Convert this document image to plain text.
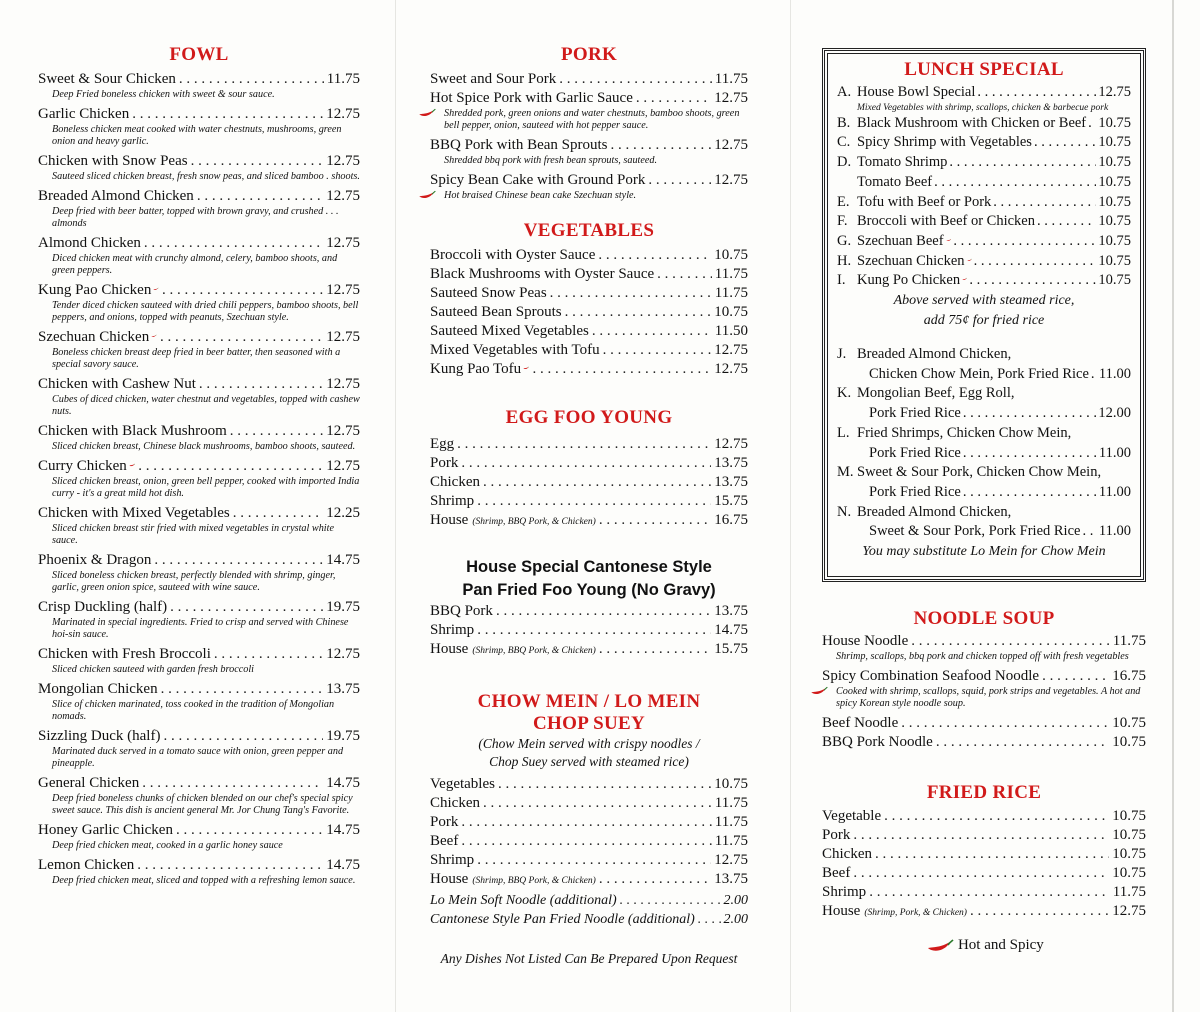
FOWL
Sweet & Sour Chicken . . .	11.75
Deep Fried boneless chicken with sweet & sour sauce.
Garlic Chicken . . .	12.75
Boneless chicken meat cooked with water chestnuts, mushrooms, green onion and heavy garlic.
Chicken with Snow Peas . . .	12.75
Sauteed sliced chicken breast, fresh snow peas, and sliced bamboo . shoots.
Breaded Almond Chicken . . .	12.75
Deep fried with beer batter, topped with brown gravy, and crushed . . . almonds
Almond Chicken . . .	12.75
Diced chicken meat with crunchy almond, celery, bamboo shoots, and green peppers.
Kung Pao Chicken . . .	12.75
Tender diced chicken sauteed with dried chili peppers, bamboo shoots, bell peppers, and onions, topped with peanuts, Szechuan style.
Szechuan Chicken . . .	12.75
Boneless chicken breast deep fried in beer batter, then seasoned with a special savory sauce.
Chicken with Cashew Nut . . .	12.75
Cubes of diced chicken, water chestnut and vegetables, topped with cashew nuts.
Chicken with Black Mushroom . . .	12.75
Sliced chicken breast, Chinese black mushrooms, bamboo shoots, sauteed.
Curry Chicken . . .	12.75
Sliced chicken breast, onion, green bell pepper, cooked with imported India curry - it's a great mild hot dish.
Chicken with Mixed Vegetables . . .	12.25
Sliced chicken breast stir fried with mixed vegetables in crystal white sauce.
Phoenix & Dragon . . .	14.75
Sliced boneless chicken breast, perfectly blended with shrimp, ginger, garlic, green onion spice, sauteed with wine sauce.
Crisp Duckling (half) . . .	19.75
Marinated in special ingredients. Fried to crisp and served with Chinese hoi-sin sauce.
Chicken with Fresh Broccoli . . .	12.75
Sliced chicken sauteed with garden fresh broccoli
Mongolian Chicken . . .	13.75
Slice of chicken marinated, toss cooked in the tradition of Mongolian nomads.
Sizzling Duck (half) . . .	19.75
Marinated duck served in a tomato sauce with onion, green pepper and pineapple.
General Chicken . . .	14.75
Deep fried boneless chunks of chicken blended on our chef's special spicy sweet sauce. This dish is ancient general Mr. Jor Chung Tang's Favorite.
Honey Garlic Chicken . . .	14.75
Deep fried chicken meat, cooked in a garlic honey sauce
Lemon Chicken . . .	14.75
Deep fried chicken meat, sliced and topped with a refreshing lemon sauce.
PORK
Sweet and Sour Pork . . .	11.75
Hot Spice Pork with Garlic Sauce . . .	12.75
Shredded pork, green onions and water chestnuts, bamboo shoots, green bell pepper, onion, sauteed with hot pepper sauce.
BBQ Pork with Bean Sprouts . . .	12.75
Shredded bbq pork with fresh bean sprouts, sauteed.
Spicy Bean Cake with Ground Pork . . .	12.75
Hot braised Chinese bean cake Szechuan style.
VEGETABLES
Broccoli with Oyster Sauce . . .	10.75
Black Mushrooms with Oyster Sauce . . .	11.75
Sauteed Snow Peas . . .	11.75
Sauteed Bean Sprouts . . .	10.75
Sauteed Mixed Vegetables . . .	11.50
Mixed Vegetables with Tofu . . .	12.75
Kung Pao Tofu . . .	12.75
EGG FOO YOUNG
Egg . . .	12.75
Pork . . .	13.75
Chicken . . .	13.75
Shrimp . . .	15.75
House (Shrimp, BBQ Pork, & Chicken) . . .	16.75
House Special Cantonese Style
Pan Fried Foo Young (No Gravy)
BBQ Pork . . .	13.75
Shrimp . . .	14.75
House (Shrimp, BBQ Pork, & Chicken) . . .	15.75
CHOW MEIN / LO MEIN
CHOP SUEY
(Chow Mein served with crispy noodles /
Chop Suey served with steamed rice)
Vegetables . . .	10.75
Chicken . . .	11.75
Pork . . .	11.75
Beef . . .	11.75
Shrimp . . .	12.75
House (Shrimp, BBQ Pork, & Chicken) . . .	13.75
Lo Mein Soft Noodle (additional) . . .	2.00
Cantonese Style Pan Fried Noodle (additional) . . . 2.00
Any Dishes Not Listed Can Be Prepared Upon Request
LUNCH SPECIAL
A. House Bowl Special . . .	12.75
Mixed Vegetables with shrimp, scallops, chicken & barbecue pork
B. Black Mushroom with Chicken or Beef . . . 10.75
C. Spicy Shrimp with Vegetables . . .	10.75
D. Tomato Shrimp . . .	10.75
Tomato Beef . . .	10.75
E. Tofu with Beef or Pork . . .	10.75
F. Broccoli with Beef or Chicken . . .	10.75
G. Szechuan Beef . . .	10.75
H. Szechuan Chicken . . .	10.75
I. Kung Po Chicken . . .	10.75
Above served with steamed rice,
add 75¢ for fried rice
J. Breaded Almond Chicken,
Chicken Chow Mein, Pork Fried Rice . . . 11.00
K. Mongolian Beef, Egg Roll,
Pork Fried Rice . . .	12.00
L. Fried Shrimps, Chicken Chow Mein,
Pork Fried Rice . . .	11.00
M. Sweet & Sour Pork, Chicken Chow Mein,
Pork Fried Rice . . .	11.00
N. Breaded Almond Chicken,
Sweet & Sour Pork, Pork Fried Rice . . . 11.00
You may substitute Lo Mein for Chow Mein
NOODLE SOUP
House Noodle . . .	11.75
Shrimp, scallops, bbq pork and chicken topped off with fresh vegetables
Spicy Combination Seafood Noodle . . .	16.75
Cooked with shrimp, scallops, squid, pork strips and vegetables. A hot and spicy Korean style noodle soup.
Beef Noodle . . .	10.75
BBQ Pork Noodle . . .	10.75
FRIED RICE
Vegetable . . .	10.75
Pork . . .	10.75
Chicken . . .	10.75
Beef . . .	10.75
Shrimp . . .	11.75
House (Shrimp, Pork, & Chicken) . . .	12.75
Hot and Spicy
